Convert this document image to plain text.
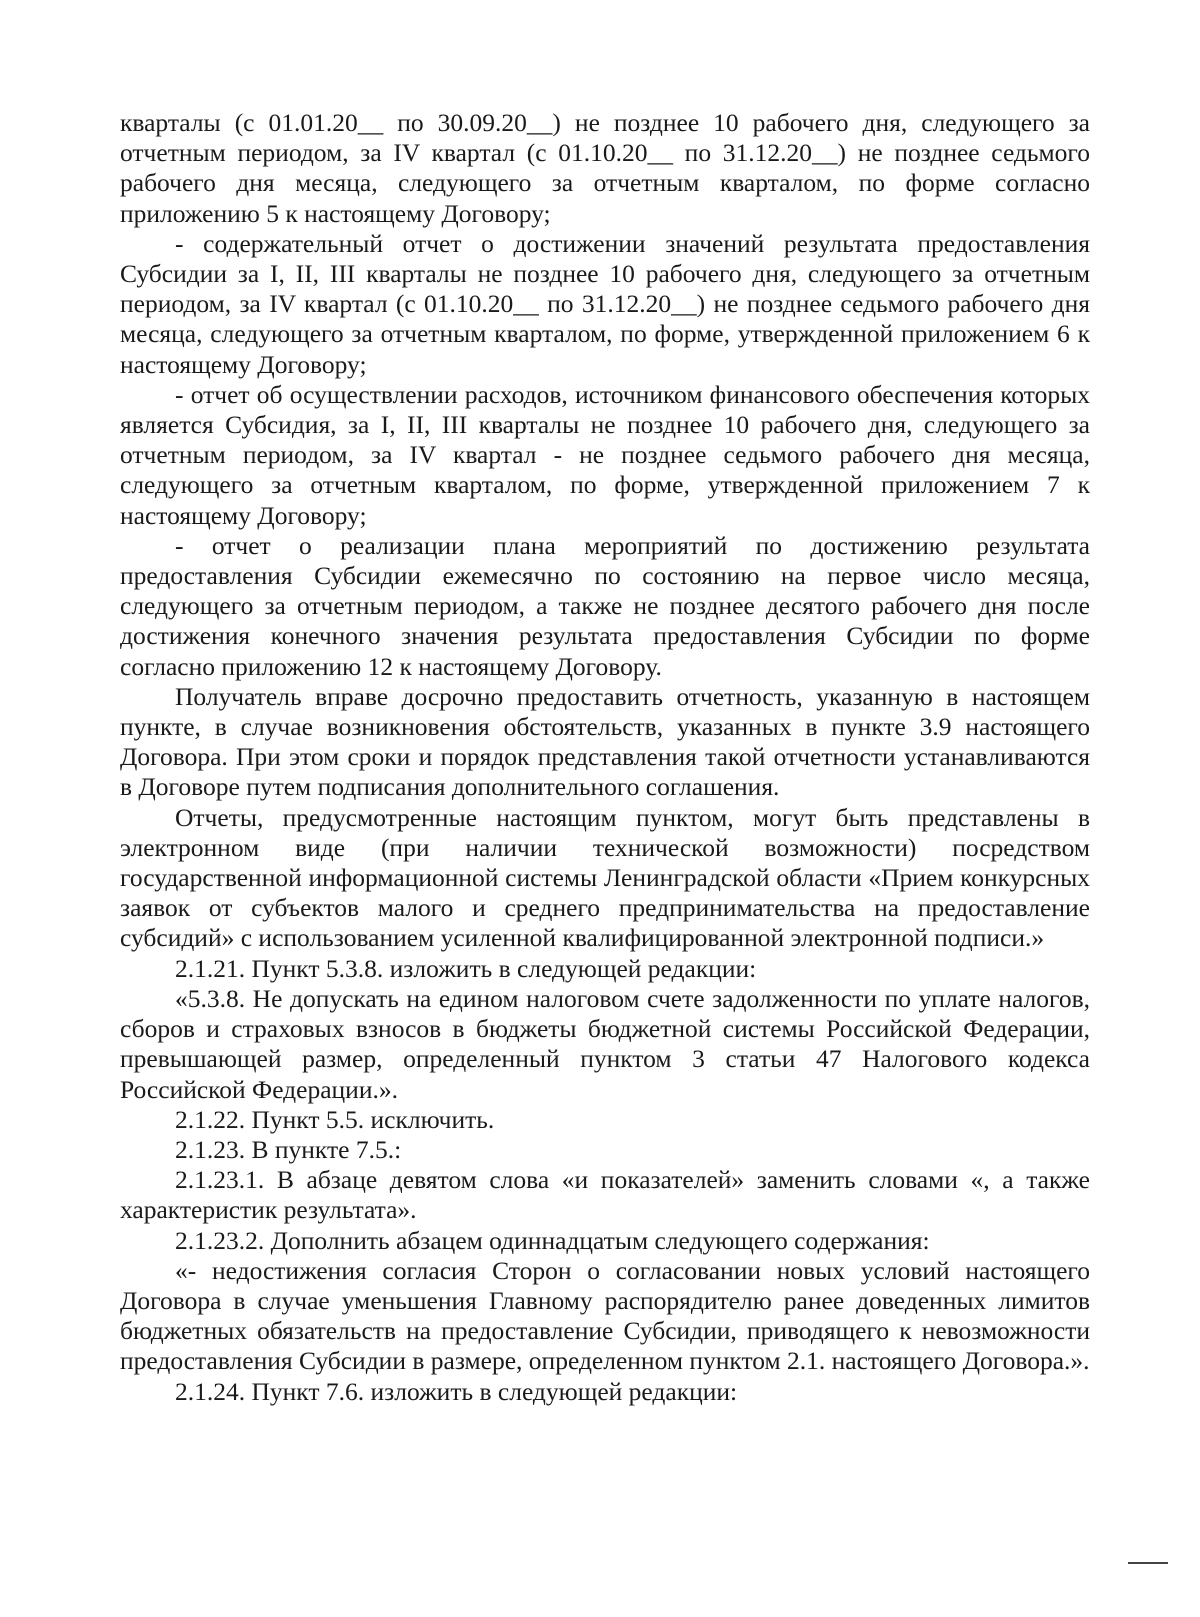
кварталы (с 01.01.20__ по 30.09.20__) не позднее 10 рабочего дня, следующего за отчетным периодом, за IV квартал (с 01.10.20__ по 31.12.20__) не позднее седьмого рабочего дня месяца, следующего за отчетным кварталом, по форме согласно приложению 5 к настоящему Договору;

- содержательный отчет о достижении значений результата предоставления Субсидии за I, II, III кварталы не позднее 10 рабочего дня, следующего за отчетным периодом, за IV квартал (с 01.10.20__ по 31.12.20__) не позднее седьмого рабочего дня месяца, следующего за отчетным кварталом, по форме, утвержденной приложением 6 к настоящему Договору;

- отчет об осуществлении расходов, источником финансового обеспечения которых является Субсидия, за I, II, III кварталы не позднее 10 рабочего дня, следующего за отчетным периодом, за IV квартал - не позднее седьмого рабочего дня месяца, следующего за отчетным кварталом, по форме, утвержденной приложением 7 к настоящему Договору;

- отчет о реализации плана мероприятий по достижению результата предоставления Субсидии ежемесячно по состоянию на первое число месяца, следующего за отчетным периодом, а также не позднее десятого рабочего дня после достижения конечного значения результата предоставления Субсидии по форме согласно приложению 12 к настоящему Договору.

Получатель вправе досрочно предоставить отчетность, указанную в настоящем пункте, в случае возникновения обстоятельств, указанных в пункте 3.9 настоящего Договора. При этом сроки и порядок представления такой отчетности устанавливаются в Договоре путем подписания дополнительного соглашения.

Отчеты, предусмотренные настоящим пунктом, могут быть представлены в электронном виде (при наличии технической возможности) посредством государственной информационной системы Ленинградской области «Прием конкурсных заявок от субъектов малого и среднего предпринимательства на предоставление субсидий» с использованием усиленной квалифицированной электронной подписи.»

2.1.21. Пункт 5.3.8. изложить в следующей редакции:

«5.3.8. Не допускать на едином налоговом счете задолженности по уплате налогов, сборов и страховых взносов в бюджеты бюджетной системы Российской Федерации, превышающей размер, определенный пунктом 3 статьи 47 Налогового кодекса Российской Федерации.».

2.1.22. Пункт 5.5. исключить.

2.1.23. В пункте 7.5.:

2.1.23.1. В абзаце девятом слова «и показателей» заменить словами «, а также характеристик результата».

2.1.23.2. Дополнить абзацем одиннадцатым следующего содержания:

«- недостижения согласия Сторон о согласовании новых условий настоящего Договора в случае уменьшения Главному распорядителю ранее доведенных лимитов бюджетных обязательств на предоставление Субсидии, приводящего к невозможности предоставления Субсидии в размере, определенном пунктом 2.1. настоящего Договора.».

2.1.24. Пункт 7.6. изложить в следующей редакции:
